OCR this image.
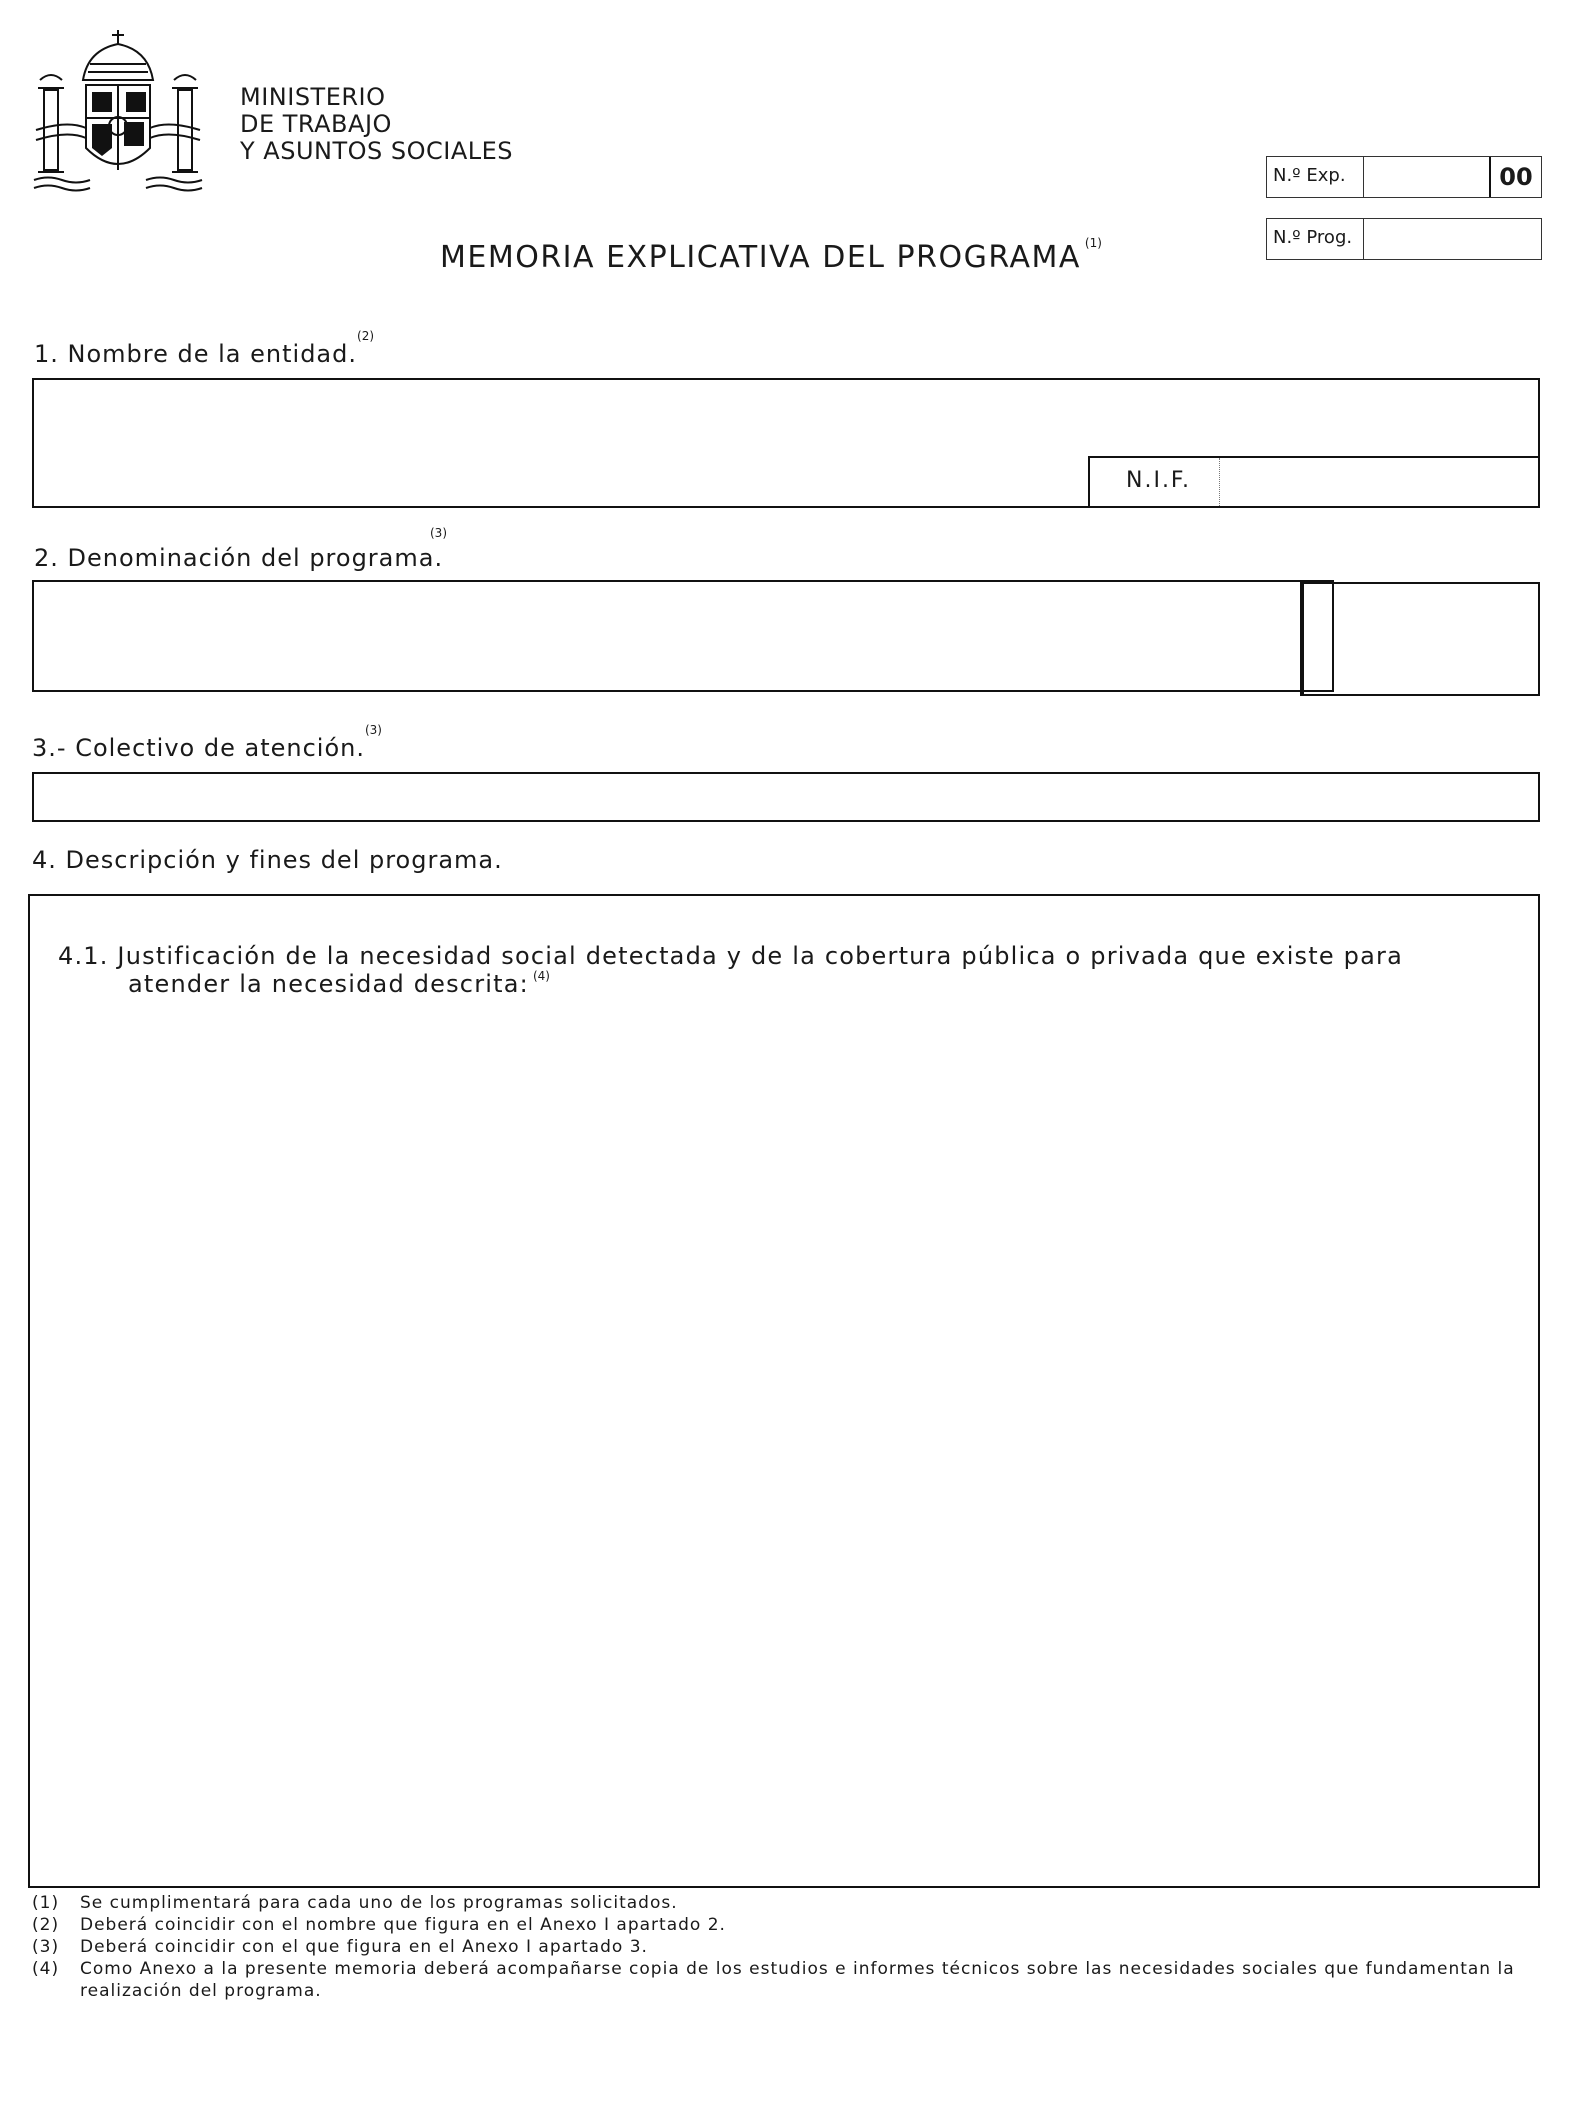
MINISTERIO
DE TRABAJO
Y ASUNTOS SOCIALES
N.º Exp.	00
N.º Prog.
MEMORIA EXPLICATIVA DEL PROGRAMA $^{(1)}$
1. Nombre de la entidad.$^{(2)}$
N.I.F.
2. Denominación del programa.
(3)
3.- Colectivo de atención.$^{(3)}$
4. Descripción y fines del programa.
4.1. Justificación de la necesidad social detectada y de la cobertura pública o privada que existe para
atender la necesidad descrita: $^{(4)}$
(1)	Se cumplimentará para cada uno de los programas solicitados.
(2)	Deberá coincidir con el nombre que figura en el Anexo I apartado 2.
(3)	Deberá coincidir con el que figura en el Anexo I apartado 3.
(4)	Como Anexo a la presente memoria deberá acompañarse copia de los estudios e informes técnicos sobre las necesidades sociales que fundamentan la realización del programa.
